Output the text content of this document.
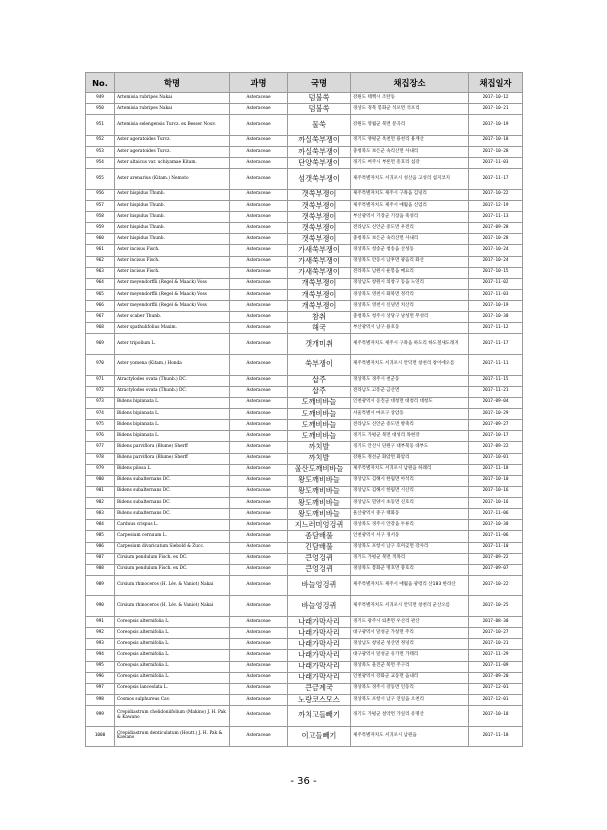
No.	학명	과명	국명	채집장소	채집일자
949	Artemisia rubripes Nakai	Asteraceae	덤불쑥	강원도 태백시 조탄동	2017-10-12
950	Artemisia rubripes Nakai	Asteraceae	덤불쑥	경상도 경북 봉화군 석포면 석포리	2017-10-21
951	Artemisia selengensis Turcz. ex Besser Nouv.	Asteraceae	물쑥	강원도 영월군 북면 문곡리	2017-10-19
952	Aster ageratoides Turcz.	Asteraceae	까실쑥부쟁이	경기도 양평군 옥천면 용천리 용계산	2017-10-18
953	Aster ageratoides Turcz.	Asteraceae	까실쑥부쟁이	충청북도 보은군 속리산면 사내리	2017-10-28
954	Aster altaicus var. uchiyamae Kitam.	Asteraceae	단양쑥부쟁이	경기도 여주시 부론면 흥호리 섬강	2017-11-03
955	Aster arenarius (Kitam.) Nemoto	Asteraceae	섬갯쑥부쟁이	제주특별자치도 서귀포시 성산읍 고성리 섭지코지	2017-11-17
956	Aster hispidus Thunb.	Asteraceae	갯쑥부쟁이	제주특별자치도 제주시 구좌읍 김녕리	2017-10-22
957	Aster hispidus Thunb.	Asteraceae	갯쑥부쟁이	제주특별자치도 제주시 애월읍 신엄리	2017-12-19
958	Aster hispidus Thunb.	Asteraceae	갯쑥부쟁이	부산광역시 기장군 기장읍 죽성리	2017-11-13
959	Aster hispidus Thunb.	Asteraceae	갯쑥부쟁이	전라남도 신안군 증도면 우전리	2017-09-28
960	Aster hispidus Thunb.	Asteraceae	갯쑥부쟁이	충청북도 보은군 속리산면 사내리	2017-10-28
961	Aster incisus Fisch.	Asteraceae	가새쑥부쟁이	경상북도 청송군 청송읍 산성동	2017-10-24
962	Aster incisus Fisch.	Asteraceae	가새쑥부쟁이	경상북도 안동시 남후면 광음리 화산	2017-10-24
963	Aster incisus Fisch.	Asteraceae	가새쑥부쟁이	전라북도 남원시 운봉읍 매요리	2017-10-15
964	Aster meyendorffii (Regel & Maack) Voss	Asteraceae	개쑥부쟁이	경상남도 창원시 의창구 동읍 노연리	2017-11-02
965	Aster meyendorffii (Regel & Maack) Voss	Asteraceae	개쑥부쟁이	경상북도 영천시 화북면 정각리	2017-11-03
966	Aster meyendorffii (Regel & Maack) Voss	Asteraceae	개쑥부쟁이	경상북도 영천시 신녕면 치산리	2017-10-19
967	Aster scaber Thunb.	Asteraceae	참취	충청북도 청주시 상당구 낭성면 무성리	2017-10-30
968	Aster spathulifolius Maxim.	Asteraceae	해국	부산광역시 남구 용호동	2017-11-12
969	Aster tripolium L.	Asteraceae	갯개미취	제주특별자치도 제주시 구좌읍 하도리 하도철새도래지	2017-11-17
970	Aster yomena (Kitam.) Honda	Asteraceae	쑥부쟁이	제주특별자치도 서귀포시 안덕면 창천리 창이에오름	2017-11-11
971	Atractylodes ovata (Thunb.) DC.	Asteraceae	삽주	경상북도 경주시 천군동	2017-11-15
972	Atractylodes ovata (Thunb.) DC.	Asteraceae	삽주	전라남도 고흥군 금산면	2017-11-21
973	Bidens bipinnata L.	Asteraceae	도깨비바늘	인천광역시 옹진군 대청면 대청리 대청도	2017-09-04
974	Bidens bipinnata L.	Asteraceae	도깨비바늘	서울특별시 마포구 상암동	2017-10-29
975	Bidens bipinnata L.	Asteraceae	도깨비바늘	전라남도 신안군 증도면 방축리	2017-09-27
976	Bidens bipinnata L.	Asteraceae	도깨비바늘	경기도 가평군 북면 대성리 목현강	2017-10-17
977	Bidens parviflora (Blume) Sherff	Asteraceae	까치발	경기도 안산시 단원구 대부북동 대부도	2017-09-22
978	Bidens parviflora (Blume) Sherff	Asteraceae	까치발	강원도 정선군 화암면 화암리	2017-10-01
979	Bidens pilosa L.	Asteraceae	울산도깨비바늘	제주특별자치도 서귀포시 남원읍 하례리	2017-11-18
980	Bidens subalternans DC.	Asteraceae	왕도깨비바늘	경상남도 김해시 한림면 아석리	2017-10-10
981	Bidens subalternans DC.	Asteraceae	왕도깨비바늘	경상남도 김해시 한림면 시산리	2017-10-16
982	Bidens subalternans DC.	Asteraceae	왕도깨비바늘	경상남도 밀양시 초동면 신호리	2017-10-16
983	Bidens subalternans DC.	Asteraceae	왕도깨비바늘	울산광역시 중구 태화동	2017-11-06
984	Carduus crispus L.	Asteraceae	지느러미엉겅퀴	경상북도 경주시 안강읍 두류리	2017-10-30
985	Carpesium cernuum L.	Asteraceae	좀담배풀	인천광역시 서구 경서동	2017-11-06
986	Carpesium divaricatum Siebold & Zucc.	Asteraceae	긴담배풀	경상북도 포항시 남구 호미곶면 강사리	2017-11-10
987	Cirsium pendulum Fisch. ex DC.	Asteraceae	큰엉겅퀴	경기도 가평군 북면 적목리	2017-09-22
988	Cirsium pendulum Fisch. ex DC.	Asteraceae	큰엉겅퀴	경상북도 봉화군 명호면 풍호리	2017-09-07
989	Cirsium rhinoceros (H. Lév. & Vaniot) Nakai	Asteraceae	바늘엉겅퀴	제주특별자치도 제주시 애월읍 광령리 산183 한라산	2017-10-22
990	Cirsium rhinoceros (H. Lév. & Vaniot) Nakai	Asteraceae	바늘엉겅퀴	제주특별자치도 서귀포시 안덕면 창천리 군산오름	2017-10-25
991	Coreopsis alternifolia L.	Asteraceae	나래가막사리	경기도 광주시 퇴촌면 우산리 관산	2017-08-30
992	Coreopsis alternifolia L.	Asteraceae	나래가막사리	대구광역시 달성군 가창면 주리	2017-10-27
993	Coreopsis alternifolia L.	Asteraceae	나래가막사리	경상남도 창녕군 성산면 정녕리	2017-10-21
994	Coreopsis alternifolia L.	Asteraceae	나래가막사리	대구광역시 달성군 유가면 가태리	2017-11-29
995	Coreopsis alternifolia L.	Asteraceae	나래가막사리	경상북도 울진군 북면 주구리	2017-11-09
996	Coreopsis alternifolia L.	Asteraceae	나래가막사리	인천광역시 강화군 교동면 읍내리	2017-09-20
997	Coreopsis lanceolata L.	Asteraceae	큰금계국	경상북도 경주시 강동면 인동리	2017-12-01
998	Cosmos sulphureus Cav.	Asteraceae	노랑코스모스	경상북도 포항시 남구 연일읍 오천리	2017-12-01
999	Crepidiastrum chelidoniifolium (Makino) J. H. Pak & Kawano	Asteraceae	까치고들빼기	경기도 가평군 설악면 가일리 유명산	2017-10-18
1000	Crepidiastrum denticulatum (Houtt.) J. H. Pak & Kawano	Asteraceae	이고들빼기	제주특별자치도 서귀포시 남원읍	2017-11-18
- 36 -
